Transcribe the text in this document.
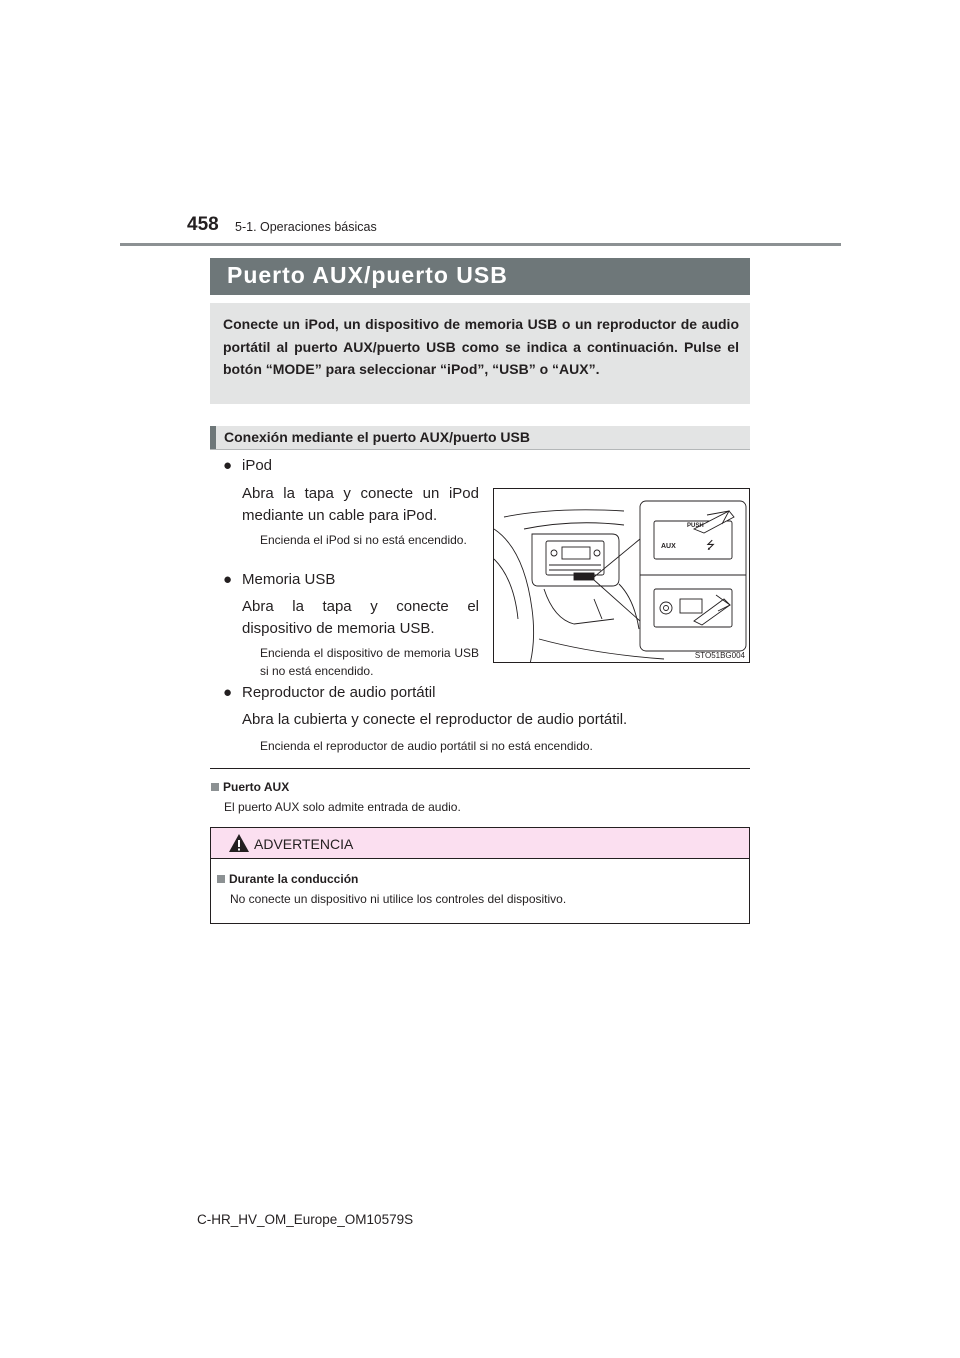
458 5-1. Operaciones básicas
Puerto AUX/puerto USB

Conecte un iPod, un dispositivo de memoria USB o un reproductor de audio portátil al puerto AUX/puerto USB como se indica a continuación. Pulse el botón “MODE” para seleccionar “iPod”, “USB” o “AUX”.

Conexión mediante el puerto AUX/puerto USB
● iPod

Abra la tapa y conecte un iPod mediante un cable para iPod.

Encienda el iPod si no está encendido.

● Memoria USB

Abra la tapa y conecte el dispositivo de memoria USB.

Encienda el dispositivo de memoria USB si no está encendido.

● Reproductor de audio portátil

Abra la cubierta y conecte el reproductor de audio portátil.

Encienda el reproductor de audio portátil si no está encendido.

PUSH
AUX	⭍
STO51BG004
Puerto AUX
El puerto AUX solo admite entrada de audio.
ADVERTENCIA
Durante la conducción
No conecte un dispositivo ni utilice los controles del dispositivo.
C-HR_HV_OM_Europe_OM10579S
